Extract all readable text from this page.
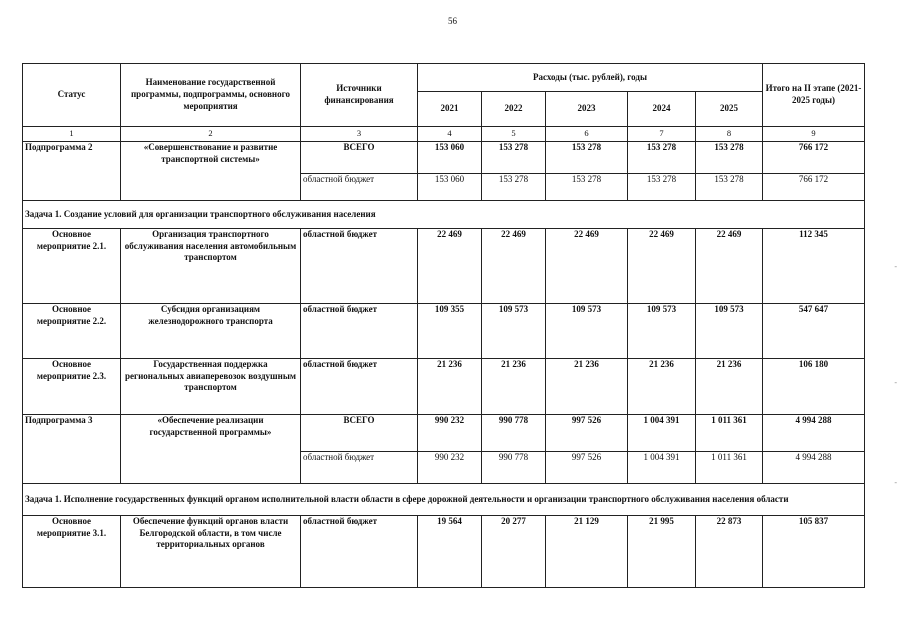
56
Статус	Наименование государственной программы, подпрограммы, основного мероприятия	Источники финансирования	Расходы (тыс. рублей), годы					Итого на II этапе (2021-2025 годы)
			2021	2022	2023	2024	2025	
1	2	3	4	5	6	7	8	9
Подпрограмма 2	«Совершенствование и развитие транспортной системы»	ВСЕГО	153 060	153 278	153 278	153 278	153 278	766 172
		областной бюджет	153 060	153 278	153 278	153 278	153 278	766 172
Задача 1. Создание условий для организации транспортного обслуживания населения								
Основное мероприятие 2.1.	Организация транспортного обслуживания населения автомобильным транспортом	областной бюджет	22 469	22 469	22 469	22 469	22 469	112 345
Основное мероприятие 2.2.	Субсидия организациям железнодорожного транспорта	областной бюджет	109 355	109 573	109 573	109 573	109 573	547 647
Основное мероприятие 2.3.	Государственная поддержка региональных авиаперевозок воздушным транспортом	областной бюджет	21 236	21 236	21 236	21 236	21 236	106 180
Подпрограмма 3	«Обеспечение реализации государственной программы»	ВСЕГО	990 232	990 778	997 526	1 004 391	1 011 361	4 994 288
		областной бюджет	990 232	990 778	997 526	1 004 391	1 011 361	4 994 288
Задача 1. Исполнение государственных функций органом исполнительной власти области в сфере дорожной деятельности и организации транспортного обслуживания населения области								
Основное мероприятие 3.1.	Обеспечение функций органов власти Белгородской области, в том числе территориальных органов	областной бюджет	19 564	20 277	21 129	21 995	22 873	105 837
-
-
-
